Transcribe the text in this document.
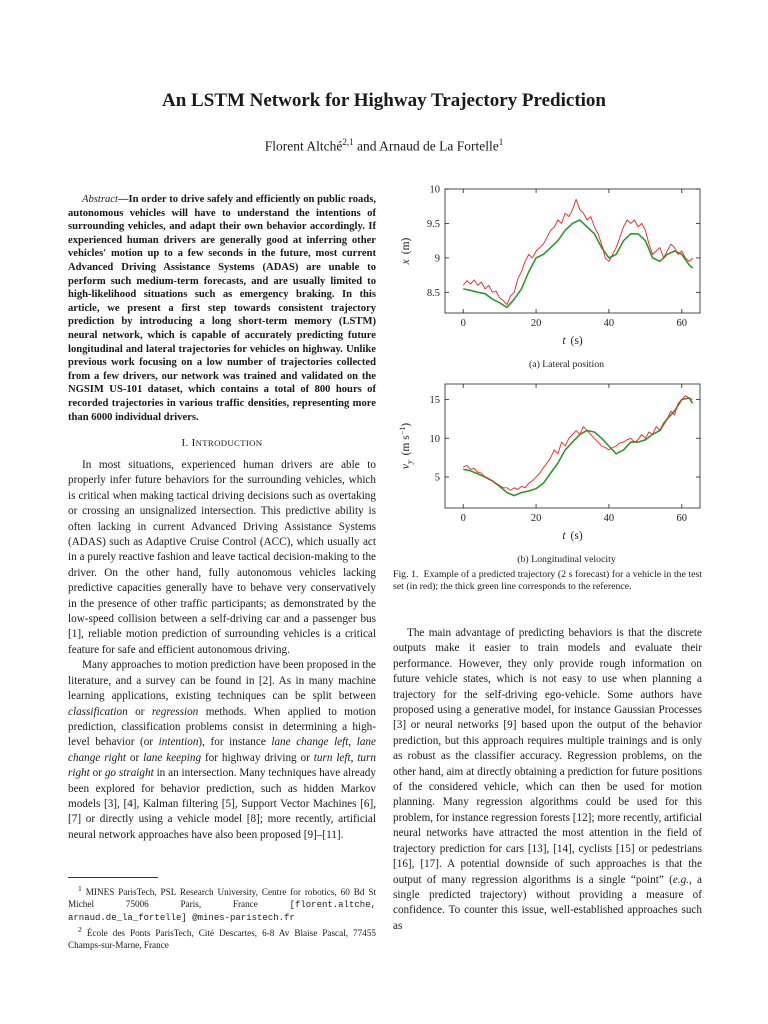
An LSTM Network for Highway Trajectory Prediction
Florent Altché$^{2,1}$ and Arnaud de La Fortelle$^1$
Abstract—In order to drive safely and efficiently on public roads, autonomous vehicles will have to understand the intentions of surrounding vehicles, and adapt their own behavior accordingly. If experienced human drivers are generally good at inferring other vehicles' motion up to a few seconds in the future, most current Advanced Driving Assistance Systems (ADAS) are unable to perform such medium-term forecasts, and are usually limited to high-likelihood situations such as emergency braking. In this article, we present a first step towards consistent trajectory prediction by introducing a long short-term memory (LSTM) neural network, which is capable of accurately predicting future longitudinal and lateral trajectories for vehicles on highway. Unlike previous work focusing on a low number of trajectories collected from a few drivers, our network was trained and validated on the NGSIM US-101 dataset, which contains a total of 800 hours of recorded trajectories in various traffic densities, representing more than 6000 individual drivers.
I. INTRODUCTION

In most situations, experienced human drivers are able to properly infer future behaviors for the surrounding vehicles, which is critical when making tactical driving decisions such as overtaking or crossing an unsignalized intersection. This predictive ability is often lacking in current Advanced Driving Assistance Systems (ADAS) such as Adaptive Cruise Control (ACC), which usually act in a purely reactive fashion and leave tactical decision-making to the driver. On the other hand, fully autonomous vehicles lacking predictive capacities generally have to behave very conservatively in the presence of other traffic participants; as demonstrated by the low-speed collision between a self-driving car and a passenger bus [1], reliable motion prediction of surrounding vehicles is a critical feature for safe and efficient autonomous driving.

Many approaches to motion prediction have been proposed in the literature, and a survey can be found in [2]. As in many machine learning applications, existing techniques can be split between classification or regression methods. When applied to motion prediction, classification problems consist in determining a high-level behavior (or intention), for instance lane change left, lane change right or lane keeping for highway driving or turn left, turn right or go straight in an intersection. Many techniques have already been explored for behavior prediction, such as hidden Markov models [3], [4], Kalman filtering [5], Support Vector Machines [6], [7] or directly using a vehicle model [8]; more recently, artificial neural network approaches have also been proposed [9]–[11].

$^1$ MINES ParisTech, PSL Research University, Centre for robotics, 60 Bd St Michel 75006 Paris, France [florent.altche, arnaud.de_la_fortelle] @mines-paristech.fr

$^2$ École des Ponts ParisTech, Cité Descartes, 6-8 Av Blaise Pascal, 77455 Champs-sur-Marne, France

0	20	40	60
8.5
9
9.5
10
t (s)
x(m)
(a) Lateral position
0	20	40	60
5
10
15
t (s)
$v_y(m$ $s^{-1}$)
(b) Longitudinal velocity
Fig. 1. Example of a predicted trajectory (2 s forecast) for a vehicle in the test set (in red); the thick green line corresponds to the reference.

The main advantage of predicting behaviors is that the discrete outputs make it easier to train models and evaluate their performance. However, they only provide rough information on future vehicle states, which is not easy to use when planning a trajectory for the self-driving ego-vehicle. Some authors have proposed using a generative model, for instance Gaussian Processes [3] or neural networks [9] based upon the output of the behavior prediction, but this approach requires multiple trainings and is only as robust as the classifier accuracy. Regression problems, on the other hand, aim at directly obtaining a prediction for future positions of the considered vehicle, which can then be used for motion planning. Many regression algorithms could be used for this problem, for instance regression forests [12]; more recently, artificial neural networks have attracted the most attention in the field of trajectory prediction for cars [13], [14], cyclists [15] or pedestrians [16], [17]. A potential downside of such approaches is that the output of many regression algorithms is a single “point” (e.g., a single predicted trajectory) without providing a measure of confidence. To counter this issue, well-established approaches such as
